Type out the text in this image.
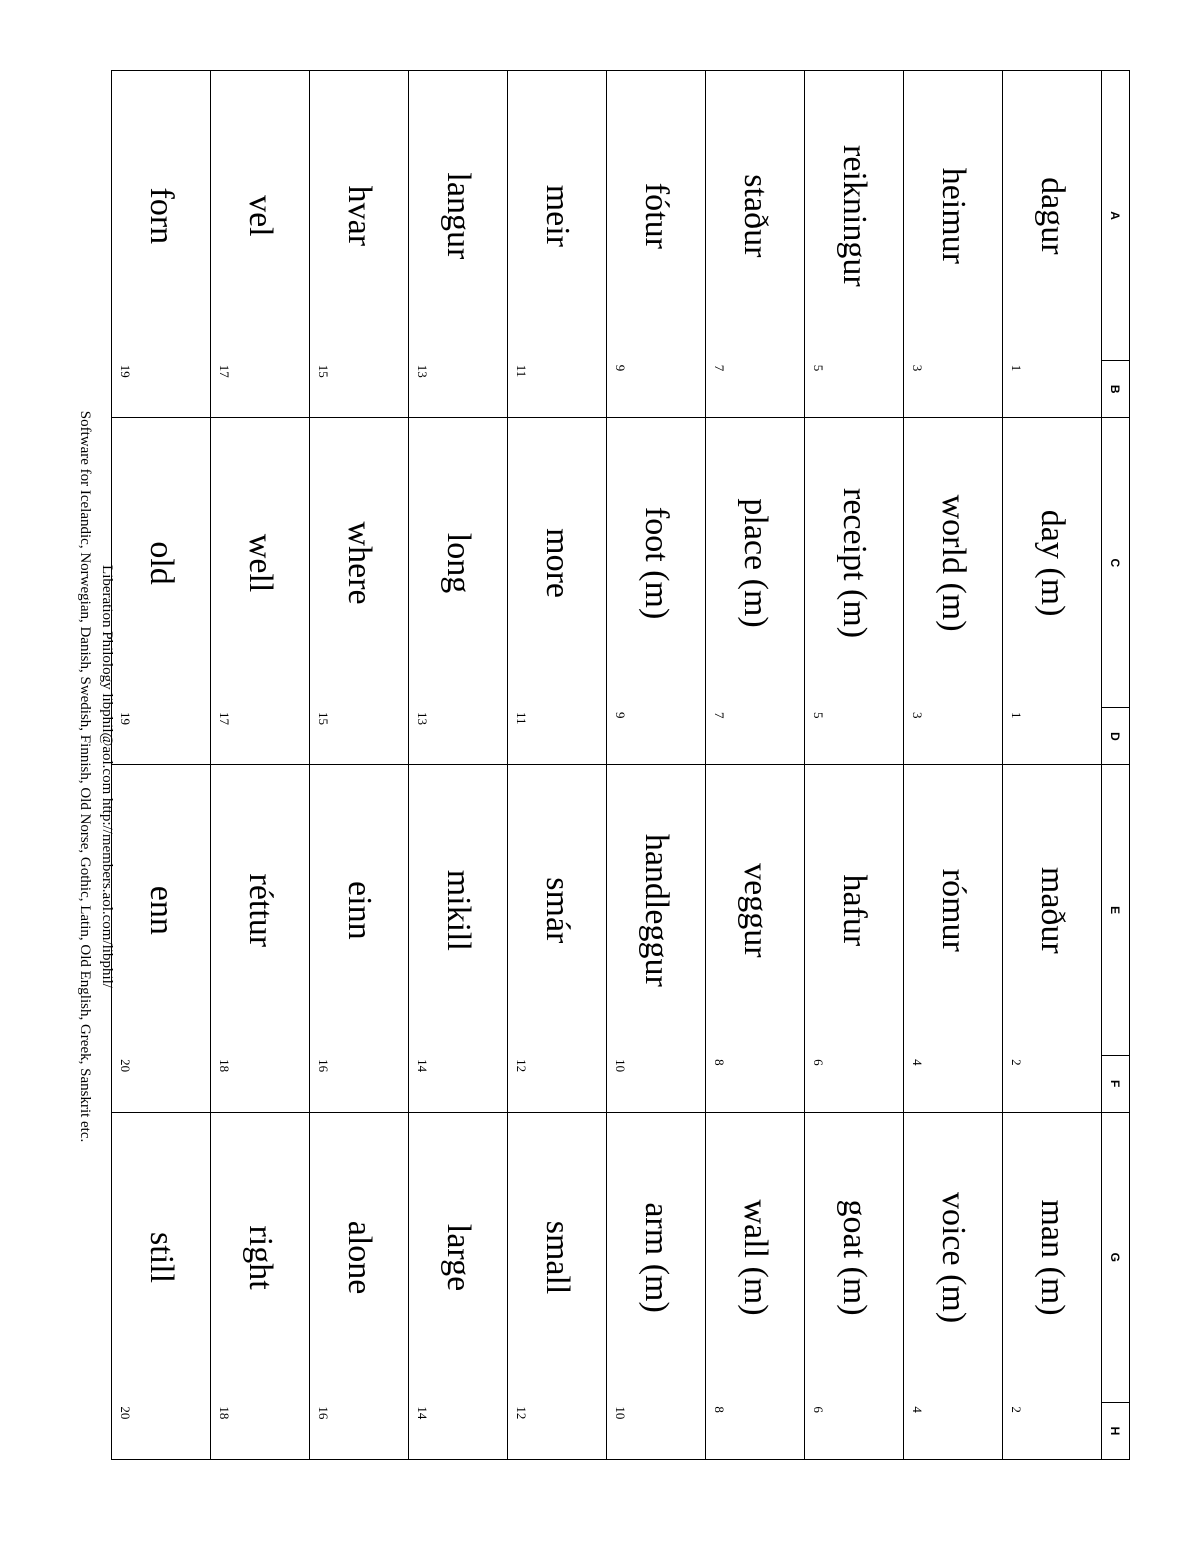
A	B	C	D	E	F	G	H
dagur	1	day (m)	1	maður	2	man (m)	2
heimur	3	world (m)	3	rómur	4	voice (m)	4
reikningur	5	receipt (m)	5	hafur	6	goat (m)	6
staður	7	place (m)	7	veggur	8	wall (m)	8
fótur	9	foot (m)	9	handleggur	10	arm (m)	10
meir	11	more	11	smár	12	small	12
langur	13	long	13	mikill	14	large	14
hvar	15	where	15	einn	16	alone	16
vel	17	well	17	réttur	18	right	18
forn	19	old	19	enn	20	still	20
Liberation Philology libphil@aol.com http://members.aol.com/libphil/
Software for Icelandic, Norwegian, Danish, Swedish, Finnish, Old Norse, Gothic, Latin, Old English, Greek, Sanskrit etc.
